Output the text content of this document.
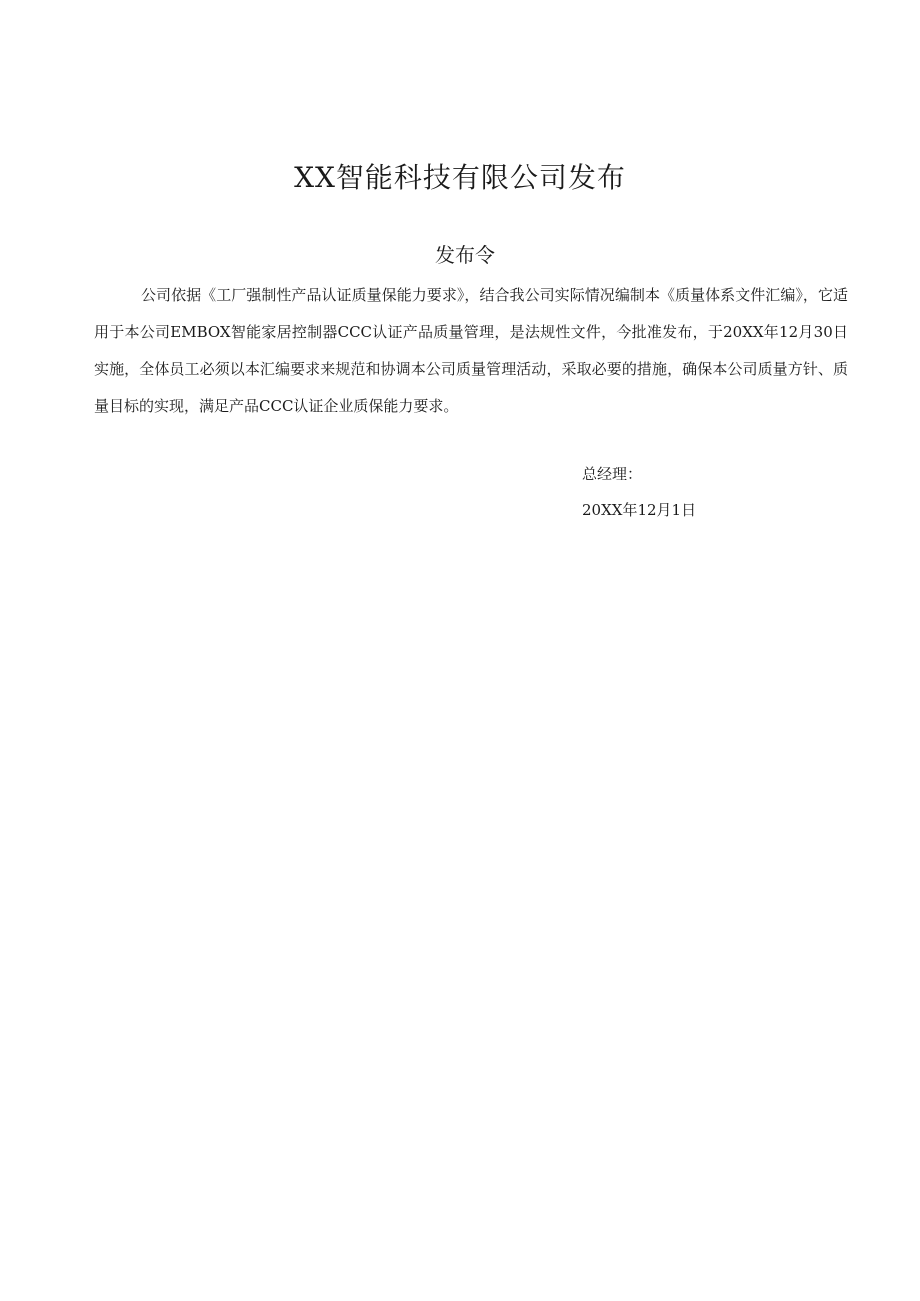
XX智能科技有限公司发布
发布令

公司依据《工厂强制性产品认证质量保能力要求》，结合我公司实际情况编制本《质量体系文件汇编》，它适用于本公司EMBOX智能家居控制器CCC认证产品质量管理，是法规性文件，今批准发布，于20XX年12月30日实施，全体员工必须以本汇编要求来规范和协调本公司质量管理活动，采取必要的措施，确保本公司质量方针、质量目标的实现，满足产品CCC认证企业质保能力要求。

总经理：

20XX年12月1日
